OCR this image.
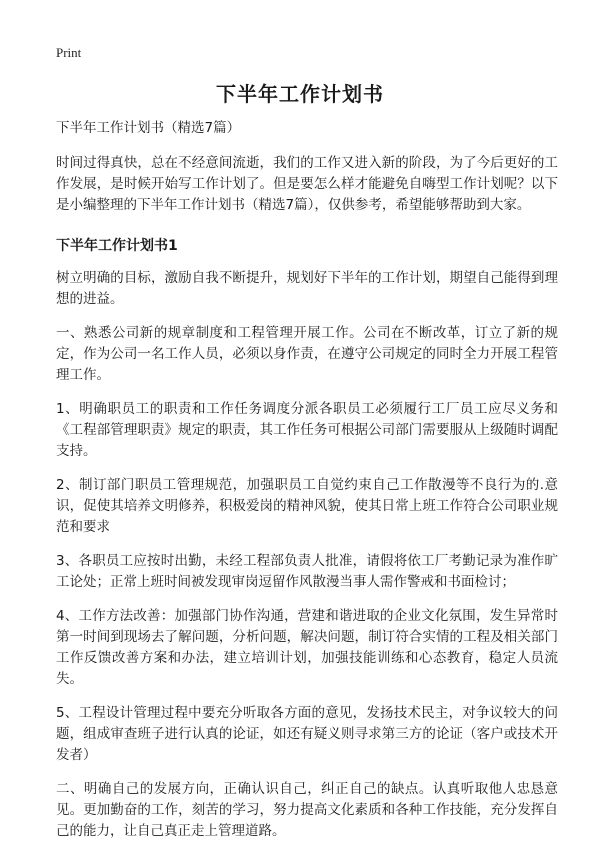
Print
下半年工作计划书

下半年工作计划书（精选7篇）

时间过得真快，总在不经意间流逝，我们的工作又进入新的阶段，为了今后更好的工作发展，是时候开始写工作计划了。但是要怎么样才能避免自嗨型工作计划呢？以下是小编整理的下半年工作计划书（精选7篇），仅供参考，希望能够帮助到大家。

下半年工作计划书1

树立明确的目标，激励自我不断提升，规划好下半年的工作计划，期望自己能得到理想的进益。

一、熟悉公司新的规章制度和工程管理开展工作。公司在不断改革，订立了新的规定，作为公司一名工作人员，必须以身作责，在遵守公司规定的同时全力开展工程管理工作。

1、明确职员工的职责和工作任务调度分派各职员工必须履行工厂员工应尽义务和《工程部管理职责》规定的职责，其工作任务可根据公司部门需要服从上级随时调配支持。

2、制订部门职员工管理规范，加强职员工自觉约束自己工作散漫等不良行为的.意识，促使其培养文明修养，积极爱岗的精神风貌，使其日常上班工作符合公司职业规范和要求

3、各职员工应按时出勤，未经工程部负责人批准，请假将依工厂考勤记录为准作旷工论处；正常上班时间被发现审岗逗留作风散漫当事人需作警戒和书面检讨；

4、工作方法改善：加强部门协作沟通，营建和谐进取的企业文化氛围，发生异常时第一时间到现场去了解问题，分析问题，解决问题，制订符合实情的工程及相关部门工作反馈改善方案和办法，建立培训计划，加强技能训练和心态教育，稳定人员流失。

5、工程设计管理过程中要充分听取各方面的意见，发扬技术民主，对争议较大的问题，组成审查班子进行认真的论证，如还有疑义则寻求第三方的论证（客户或技术开发者）

二、明确自己的发展方向，正确认识自己，纠正自己的缺点。认真听取他人忠恳意见。更加勤奋的工作，刻苦的学习，努力提高文化素质和各种工作技能，充分发挥自己的能力，让自己真正走上管理道路。
